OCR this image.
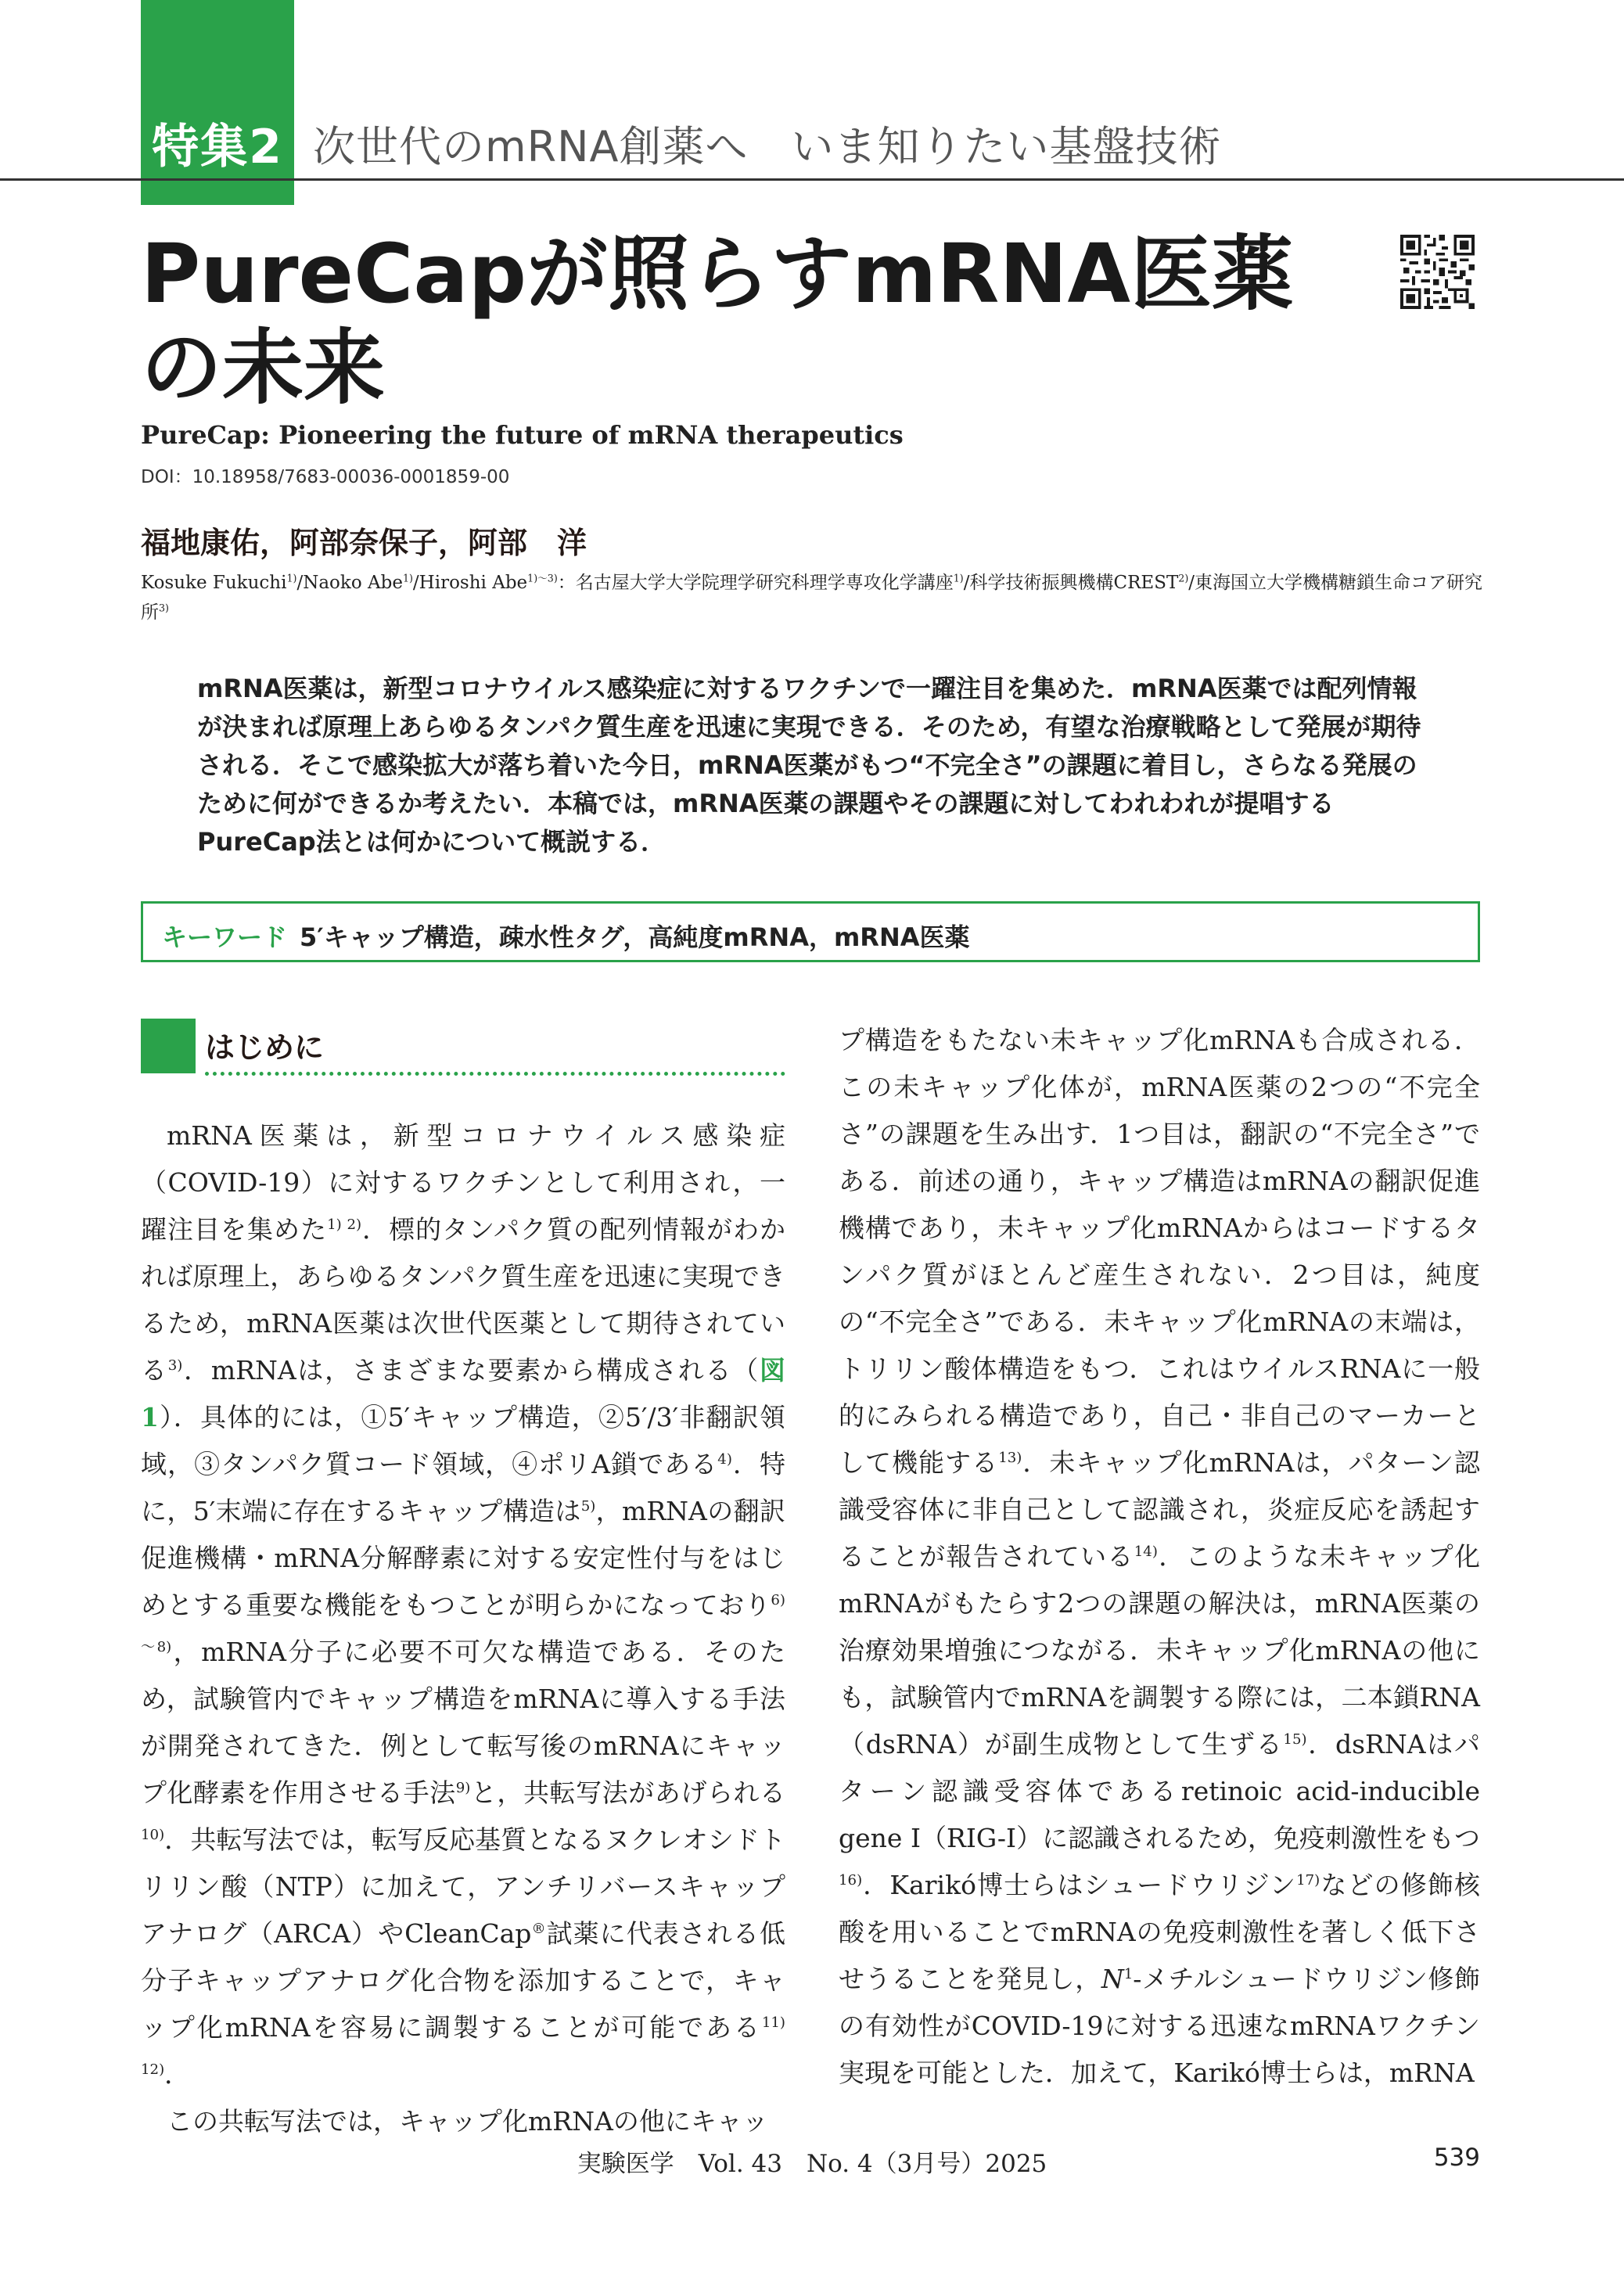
特集2 次世代のmRNA創薬へ　いま知りたい基盤技術
PureCapが照らすmRNA医薬
の未来
PureCap: Pioneering the future of mRNA therapeutics
DOI：10.18958/7683-00036-0001859-00
福地康佑，阿部奈保子，阿部　洋
Kosuke Fukuchi$^{1)}$/Naoko Abe$^{1)}$/Hiroshi Abe$^{1)\sim 3)}$：名古屋大学大学院理学研究科理学専攻化学講座$^{1)}$/科学技術振興機構CREST$^{2)}$/東海国立大学機構糖鎖生命コア研究所$^{3)}$

mRNA医薬は，新型コロナウイルス感染症に対するワクチンで一躍注目を集めた．mRNA医薬では配列情報が決まれば原理上あらゆるタンパク質生産を迅速に実現できる．そのため，有望な治療戦略として発展が期待される．そこで感染拡大が落ち着いた今日，mRNA医薬がもつ“不完全さ”の課題に着目し，さらなる発展のために何ができるか考えたい．本稿では，mRNA医薬の課題やその課題に対してわれわれが提唱するPureCap法とは何かについて概説する．

キーワード 5′キャップ構造，疎水性タグ，高純度mRNA，mRNA医薬
はじめに

mRNA医薬は，新型コロナウイルス感染症（COVID-19）に対するワクチンとして利用され，一躍注目を集めた$^{1) 2)}$．標的タンパク質の配列情報がわかれば原理上，あらゆるタンパク質生産を迅速に実現できるため，mRNA医薬は次世代医薬として期待されている$^{3)}$．mRNAは，さまざまな要素から構成される（図1）．具体的には，①5′キャップ構造，②5′/3′非翻訳領域，③タンパク質コード領域，④ポリA鎖である$^{4)}$．特に，5′末端に存在するキャップ構造は$^{5)}$，mRNAの翻訳促進機構・mRNA分解酵素に対する安定性付与をはじめとする重要な機能をもつことが明らかになっており$^{6)\sim 8)}$，mRNA分子に必要不可欠な構造である．そのため，試験管内でキャップ構造をmRNAに導入する手法が開発されてきた．例として転写後のmRNAにキャップ化酵素を作用させる手法$^{9)}$と，共転写法があげられる$^{10)}$．共転写法では，転写反応基質となるヌクレオシドトリリン酸（NTP）に加えて，アンチリバースキャップアナログ（ARCA）やCleanCap®試薬に代表される低分子キャップアナログ化合物を添加することで，キャップ化mRNAを容易に調製することが可能である$^{11) 12)}$．

この共転写法では，キャップ化mRNAの他にキャッ

プ構造をもたない未キャップ化mRNAも合成される．この未キャップ化体が，mRNA医薬の2つの“不完全さ”の課題を生み出す．1つ目は，翻訳の“不完全さ”である．前述の通り，キャップ構造はmRNAの翻訳促進機構であり，未キャップ化mRNAからはコードするタンパク質がほとんど産生されない．2つ目は，純度の“不完全さ”である．未キャップ化mRNAの末端は，トリリン酸体構造をもつ．これはウイルスRNAに一般的にみられる構造であり，自己・非自己のマーカーとして機能する$^{13)}$．未キャップ化mRNAは，パターン認識受容体に非自己として認識され，炎症反応を誘起することが報告されている$^{14)}$．このような未キャップ化mRNAがもたらす2つの課題の解決は，mRNA医薬の治療効果増強につながる．未キャップ化mRNAの他にも，試験管内でmRNAを調製する際には，二本鎖RNA（dsRNA）が副生成物として生ずる$^{15)}$．dsRNAはパターン認識受容体であるretinoic acid-inducible gene I（RIG-I）に認識されるため，免疫刺激性をもつ$^{16)}$．Karikó博士らはシュードウリジン$^{17)}$などの修飾核酸を用いることでmRNAの免疫刺激性を著しく低下させうることを発見し，$N^1-$メチルシュードウリジン修飾の有効性がCOVID-19に対する迅速なmRNAワクチン実現を可能とした．加えて，Karikó博士らは，mRNA

実験医学　Vol. 43　No. 4（3月号）2025	539
